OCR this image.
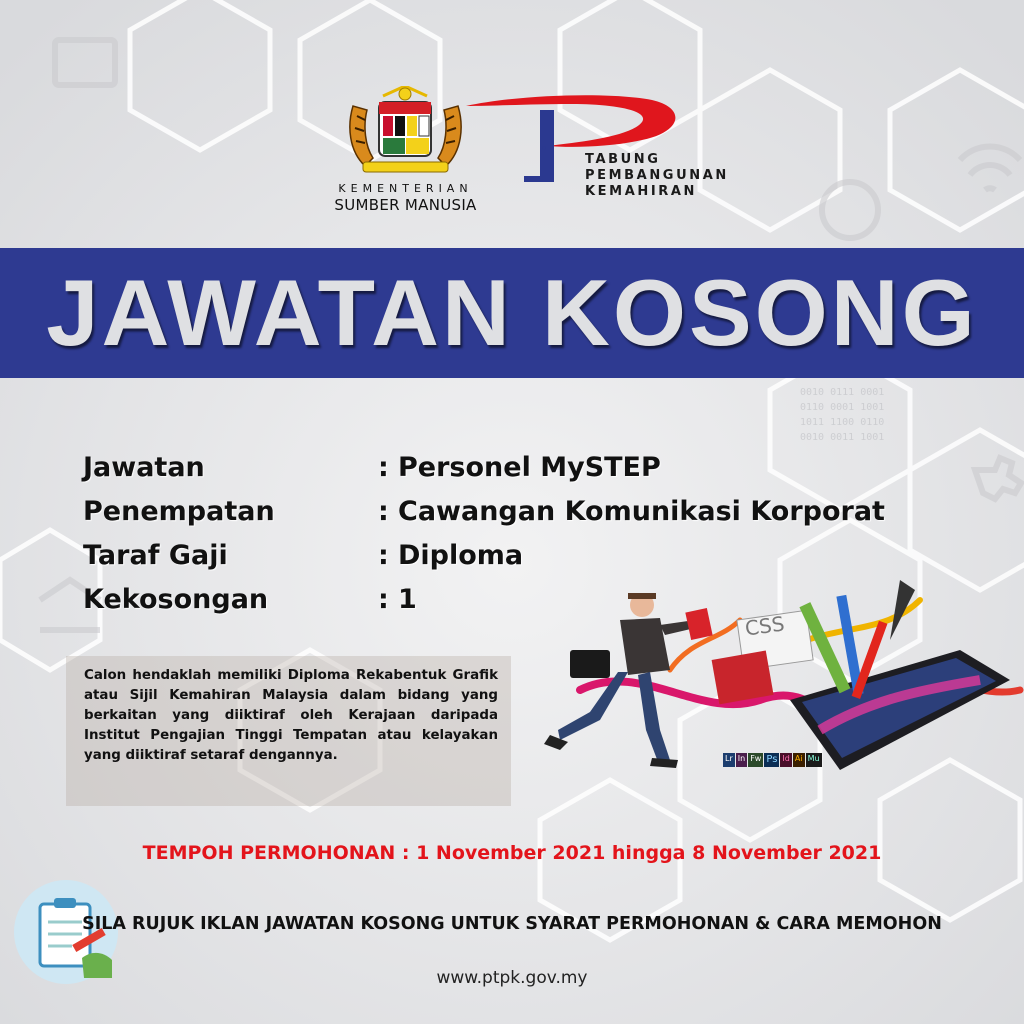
0010 0111 0001
0110 0001 1001
1011 1100 0110
0010 0011 1001
KEMENTERIAN
SUMBER MANUSIA
TABUNG
PEMBANGUNAN
KEMAHIRAN
JAWATAN KOSONG
Jawatan	: Personel MySTEP
Penempatan	: Cawangan Komunikasi Korporat
Taraf Gaji	: Diploma
Kekosongan	: 1
Calon hendaklah memiliki Diploma Rekabentuk Grafik atau Sijil Kemahiran Malaysia dalam bidang yang berkaitan yang diiktiraf oleh Kerajaan daripada Institut Pengajian Tinggi Tempatan atau kelayakan yang diiktiraf setaraf dengannya.
CSS
Lr In Fw Ps Id Ai Mu
TEMPOH PERMOHONAN : 1 November 2021 hingga 8 November 2021
SILA RUJUK IKLAN JAWATAN KOSONG UNTUK SYARAT PERMOHONAN & CARA MEMOHON
www.ptpk.gov.my
